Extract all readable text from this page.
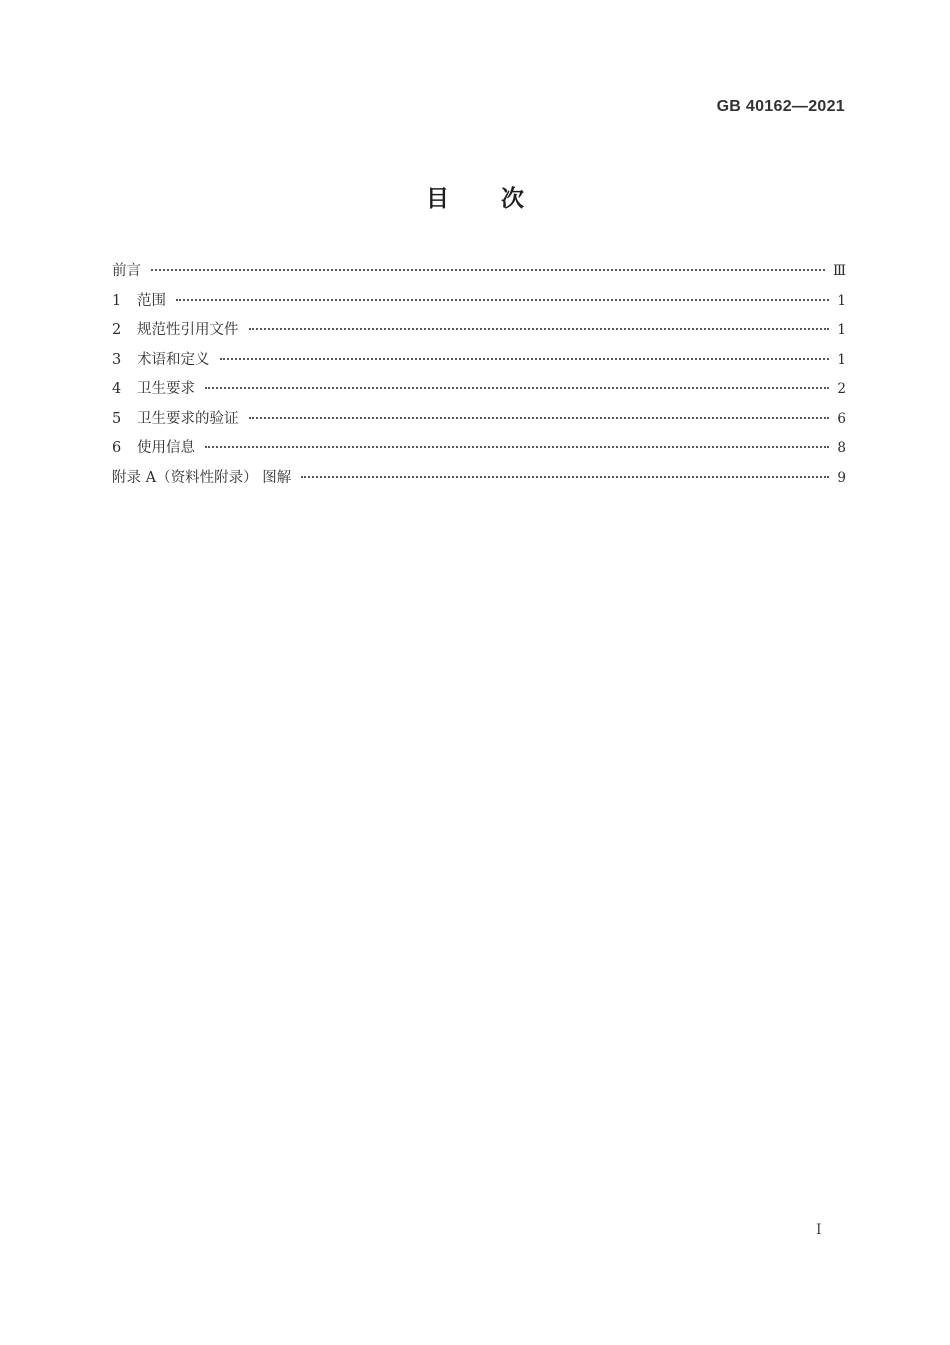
GB 40162—2021
目次
前言	Ⅲ
1	范围	1
2	规范性引用文件	1
3	术语和定义	1
4	卫生要求	2
5	卫生要求的验证	6
6	使用信息	8
附录 A（资料性附录） 图解	9
I
